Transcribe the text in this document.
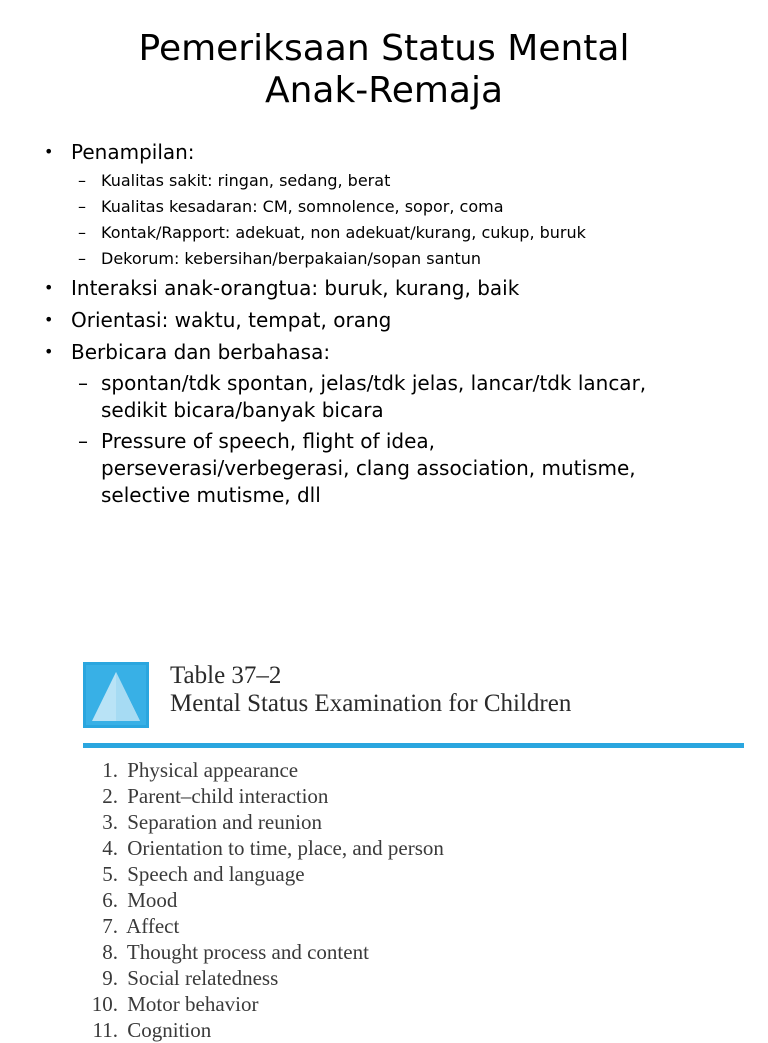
Pemeriksaan Status Mental
Anak-Remaja
• Penampilan:
– Kualitas sakit: ringan, sedang, berat
– Kualitas kesadaran: CM, somnolence, sopor, coma
– Kontak/Rapport: adekuat, non adekuat/kurang, cukup, buruk
– Dekorum: kebersihan/berpakaian/sopan santun
• Interaksi anak-orangtua: buruk, kurang, baik
• Orientasi: waktu, tempat, orang
• Berbicara dan berbahasa:
– spontan/tdk spontan, jelas/tdk jelas, lancar/tdk lancar,
sedikit bicara/banyak bicara
– Pressure of speech, flight of idea,
perseverasi/verbegerasi, clang association, mutisme,
selective mutisme, dll
Table 37–2
Mental Status Examination for Children
1. Physical appearance
2. Parent–child interaction
3. Separation and reunion
4. Orientation to time, place, and person
5. Speech and language
6. Mood
7. Affect
8. Thought process and content
9. Social relatedness
10. Motor behavior
11. Cognition
